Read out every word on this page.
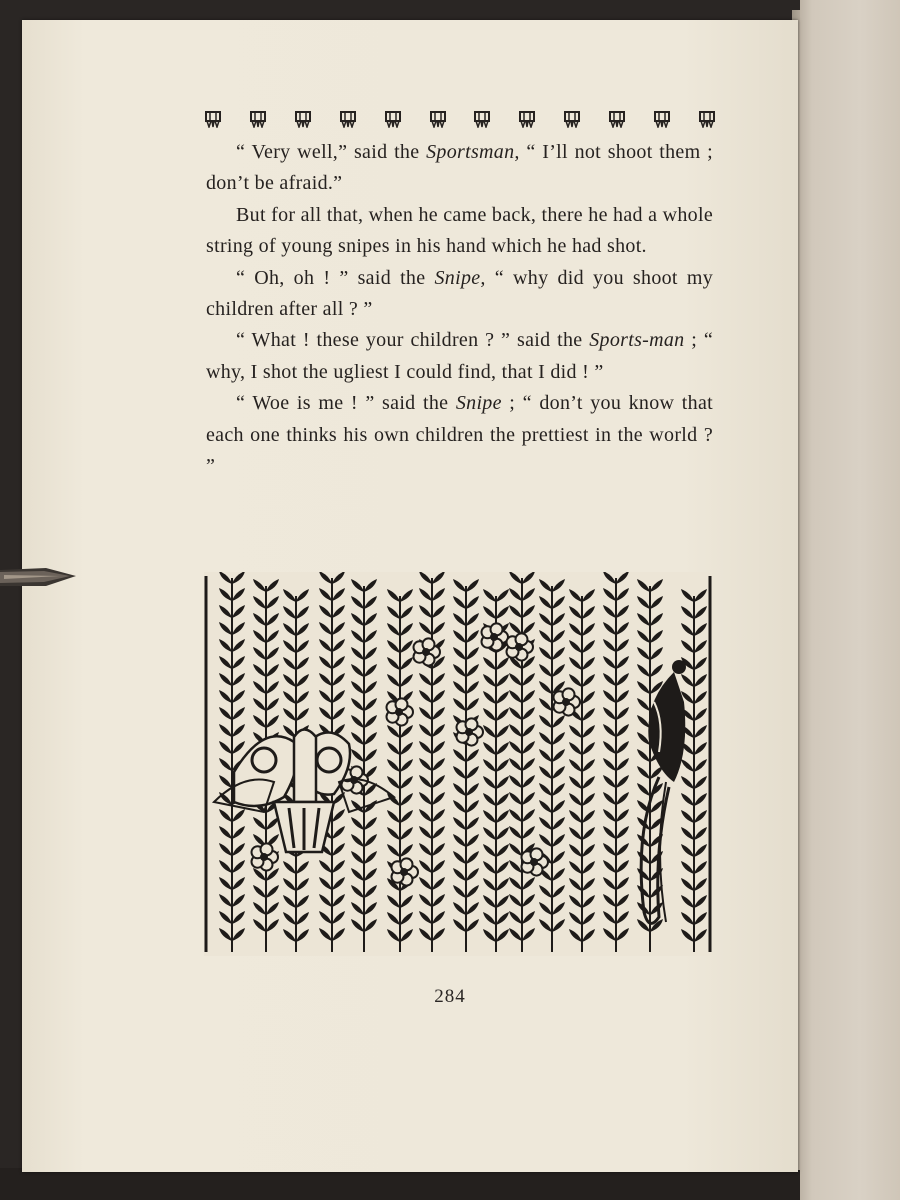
“ Very well,” said the Sportsman, “ I’ll not shoot them ; don’t be afraid.”

But for all that, when he came back, there he had a whole string of young snipes in his hand which he had shot.

“ Oh, oh ! ” said the Snipe, “ why did you shoot my children after all ? ”

“ What ! these your children ? ” said the Sports-man ; “ why, I shot the ugliest I could find, that I did ! ”

“ Woe is me ! ” said the Snipe ; “ don’t you know that each one thinks his own children the prettiest in the world ? ”

284
